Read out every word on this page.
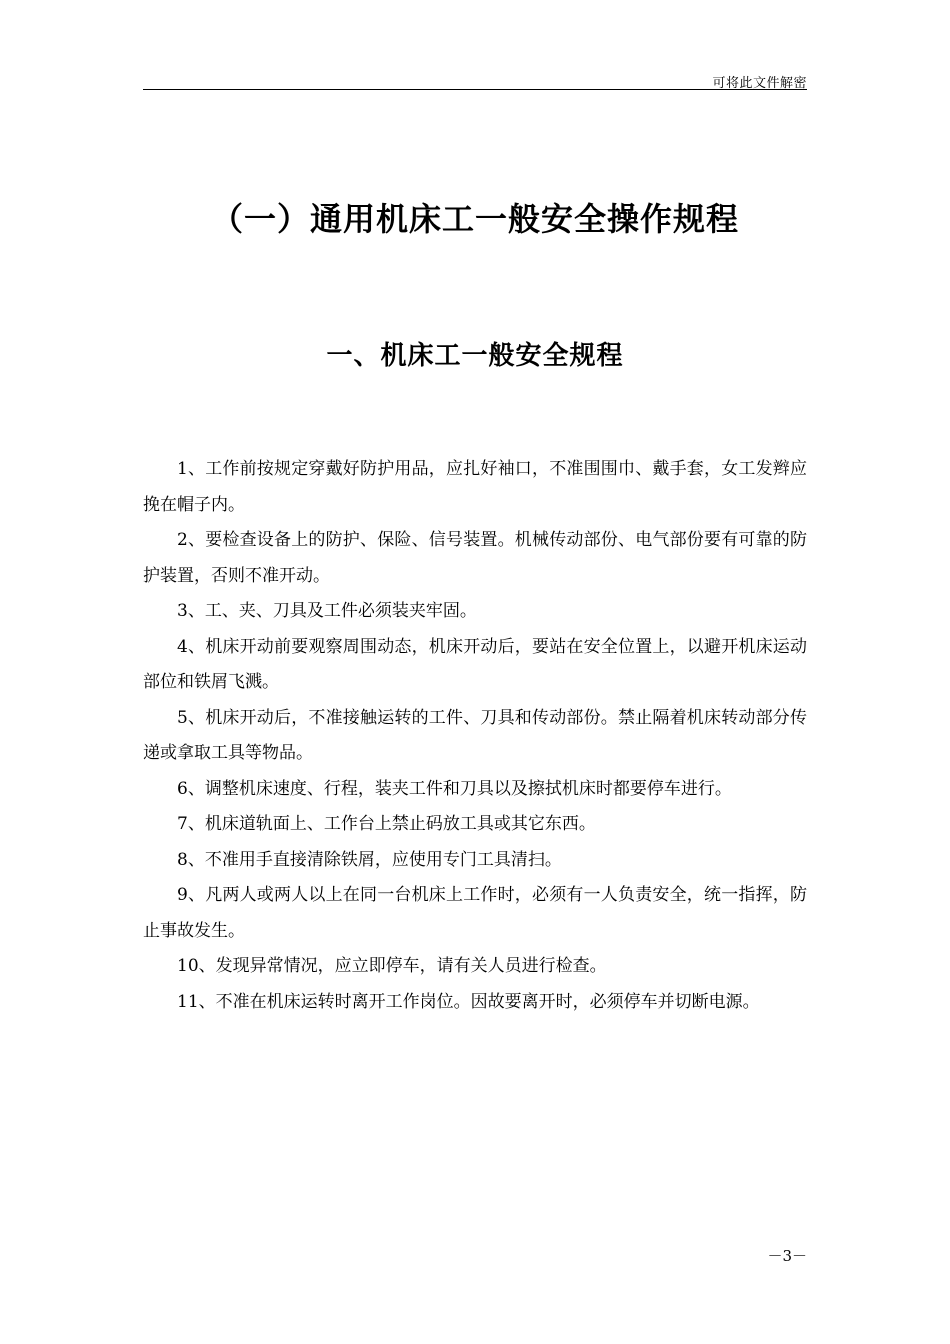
可将此文件解密
（一）通用机床工一般安全操作规程
一、机床工一般安全规程

1、工作前按规定穿戴好防护用品，应扎好袖口，不准围围巾、戴手套，女工发辫应挽在帽子内。

2、要检查设备上的防护、保险、信号装置。机械传动部份、电气部份要有可靠的防护装置，否则不准开动。

3、工、夹、刀具及工件必须装夹牢固。

4、机床开动前要观察周围动态，机床开动后，要站在安全位置上，以避开机床运动部位和铁屑飞溅。

5、机床开动后，不准接触运转的工件、刀具和传动部份。禁止隔着机床转动部分传递或拿取工具等物品。

6、调整机床速度、行程，装夹工件和刀具以及擦拭机床时都要停车进行。

7、机床道轨面上、工作台上禁止码放工具或其它东西。

8、不准用手直接清除铁屑，应使用专门工具清扫。

9、凡两人或两人以上在同一台机床上工作时，必须有一人负责安全，统一指挥，防止事故发生。

10、发现异常情况，应立即停车，请有关人员进行检查。

11、不准在机床运转时离开工作岗位。因故要离开时，必须停车并切断电源。

－3－
